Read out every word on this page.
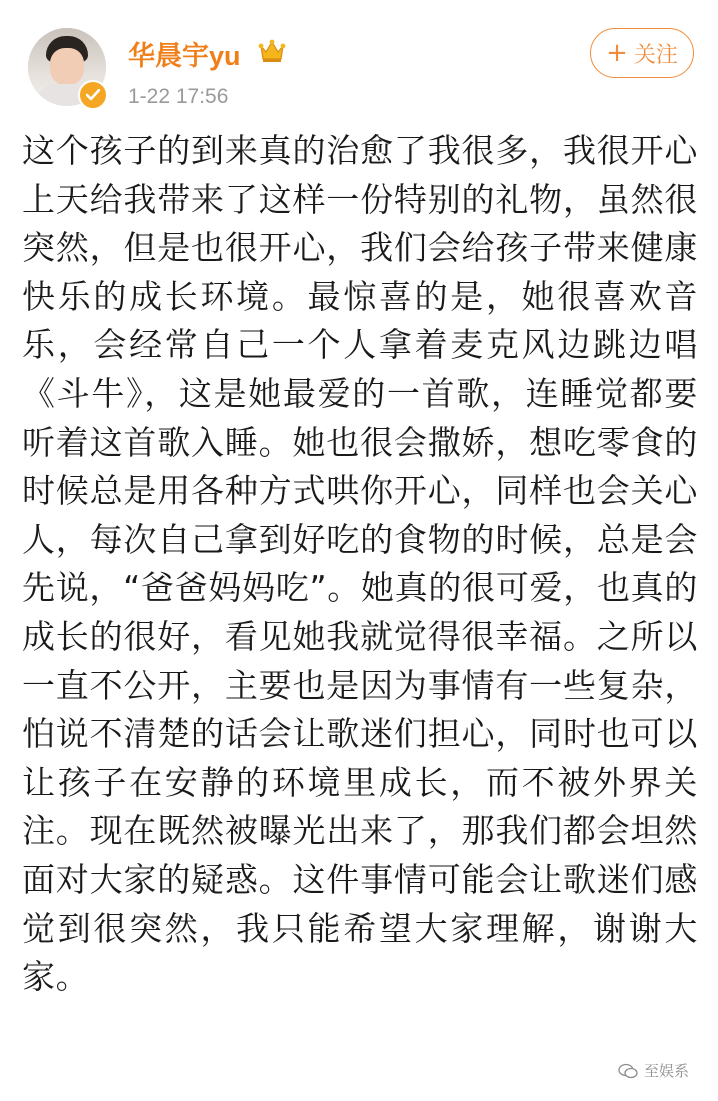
华晨宇yu
1-22 17:56
+ 关注

这个孩子的到来真的治愈了我很多，我很开心上天给我带来了这样一份特别的礼物，虽然很突然，但是也很开心，我们会给孩子带来健康快乐的成长环境。最惊喜的是，她很喜欢音乐，会经常自己一个人拿着麦克风边跳边唱《斗牛》，这是她最爱的一首歌，连睡觉都要听着这首歌入睡。她也很会撒娇，想吃零食的时候总是用各种方式哄你开心，同样也会关心人，每次自己拿到好吃的食物的时候，总是会先说，“爸爸妈妈吃”。她真的很可爱，也真的成长的很好，看见她我就觉得很幸福。之所以一直不公开，主要也是因为事情有一些复杂，怕说不清楚的话会让歌迷们担心，同时也可以让孩子在安静的环境里成长，而不被外界关注。现在既然被曝光出来了，那我们都会坦然面对大家的疑惑。这件事情可能会让歌迷们感觉到很突然，我只能希望大家理解，谢谢大家。

至娱系
